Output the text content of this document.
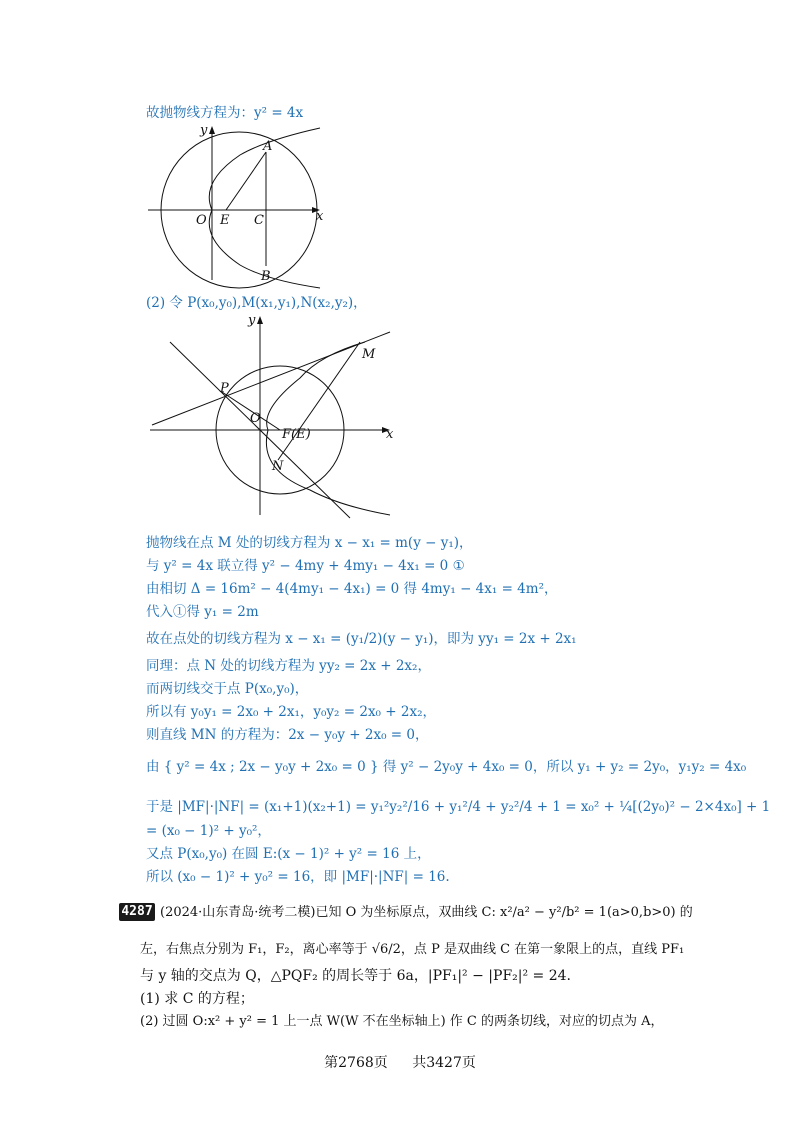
故抛物线方程为：y² = 4x
y
A
O E C	x
B
(2) 令 P(x₀,y₀),M(x₁,y₁),N(x₂,y₂)，
y
M
P
O
F(E)	x
N
抛物线在点 M 处的切线方程为 x − x₁ = m(y − y₁)，
与 y² = 4x 联立得 y² − 4my + 4my₁ − 4x₁ = 0 ①
由相切 Δ = 16m² − 4(4my₁ − 4x₁) = 0 得 4my₁ − 4x₁ = 4m²，
代入①得 y₁ = 2m
故在点处的切线方程为 x − x₁ = (y₁/2)(y − y₁)，即为 yy₁ = 2x + 2x₁
同理：点 N 处的切线方程为 yy₂ = 2x + 2x₂，
而两切线交于点 P(x₀,y₀)，
所以有 y₀y₁ = 2x₀ + 2x₁，y₀y₂ = 2x₀ + 2x₂，
则直线 MN 的方程为：2x − y₀y + 2x₀ = 0，
由 { y² = 4x ; 2x − y₀y + 2x₀ = 0 } 得 y² − 2y₀y + 4x₀ = 0，所以 y₁ + y₂ = 2y₀，y₁y₂ = 4x₀
于是 |MF|·|NF| = (x₁+1)(x₂+1) = y₁²y₂²/16 + y₁²/4 + y₂²/4 + 1 = x₀² + ¼[(2y₀)² − 2×4x₀] + 1
= (x₀ − 1)² + y₀²，
又点 P(x₀,y₀) 在圆 E:(x − 1)² + y² = 16 上，
所以 (x₀ − 1)² + y₀² = 16，即 |MF|·|NF| = 16.
4287 (2024·山东青岛·统考二模)已知 O 为坐标原点，双曲线 C: x²/a² − y²/b² = 1(a>0,b>0) 的
左，右焦点分别为 F₁，F₂，离心率等于 √6/2，点 P 是双曲线 C 在第一象限上的点，直线 PF₁
与 y 轴的交点为 Q，△PQF₂ 的周长等于 6a，|PF₁|² − |PF₂|² = 24.
(1) 求 C 的方程；
(2) 过圆 O:x² + y² = 1 上一点 W(W 不在坐标轴上) 作 C 的两条切线，对应的切点为 A，
第2768页 共3427页
